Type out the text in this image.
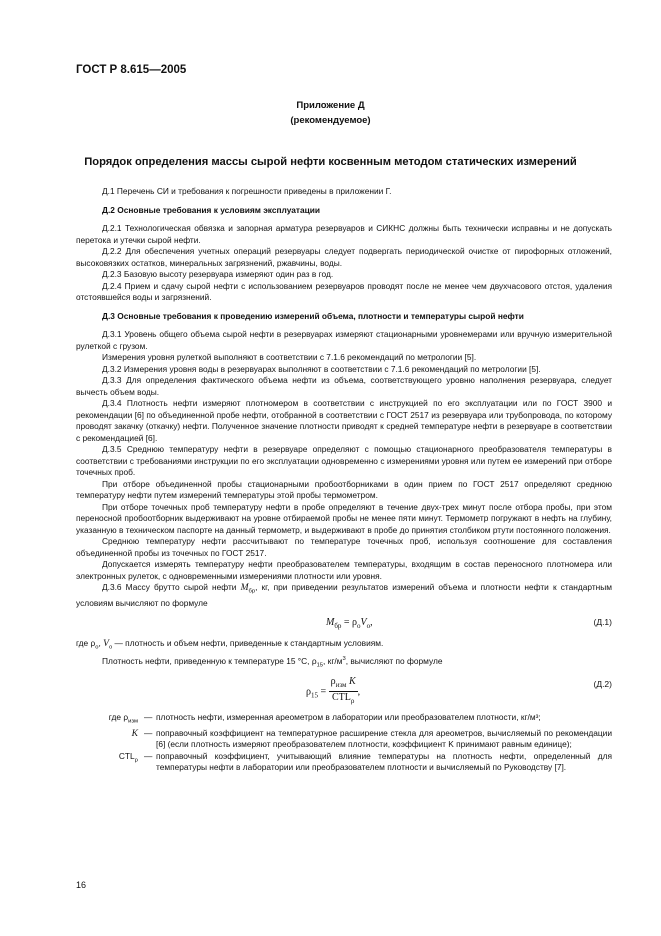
ГОСТ Р 8.615—2005
Приложение Д
(рекомендуемое)
Порядок определения массы сырой нефти косвенным методом статических измерений

Д.1 Перечень СИ и требования к погрешности приведены в приложении Г.

Д.2 Основные требования к условиям эксплуатации

Д.2.1 Технологическая обвязка и запорная арматура резервуаров и СИКНС должны быть технически исправны и не допускать перетока и утечки сырой нефти.

Д.2.2 Для обеспечения учетных операций резервуары следует подвергать периодической очистке от пирофорных отложений, высоковязких остатков, минеральных загрязнений, ржавчины, воды.

Д.2.3 Базовую высоту резервуара измеряют один раз в год.

Д.2.4 Прием и сдачу сырой нефти с использованием резервуаров проводят после не менее чем двухчасового отстоя, удаления отстоявшейся воды и загрязнений.

Д.3 Основные требования к проведению измерений объема, плотности и температуры сырой нефти

Д.3.1 Уровень общего объема сырой нефти в резервуарах измеряют стационарными уровнемерами или вручную измерительной рулеткой с грузом.

Измерения уровня рулеткой выполняют в соответствии с 7.1.6 рекомендаций по метрологии [5].

Д.3.2 Измерения уровня воды в резервуарах выполняют в соответствии с 7.1.6 рекомендаций по метрологии [5].

Д.3.3 Для определения фактического объема нефти из объема, соответствующего уровню наполнения резервуара, следует вычесть объем воды.

Д.3.4 Плотность нефти измеряют плотномером в соответствии с инструкцией по его эксплуатации или по ГОСТ 3900 и рекомендации [6] по объединенной пробе нефти, отобранной в соответствии с ГОСТ 2517 из резервуара или трубопровода, по которому проводят закачку (откачку) нефти. Полученное значение плотности приводят к средней температуре нефти в резервуаре в соответствии с рекомендацией [6].

Д.3.5 Среднюю температуру нефти в резервуаре определяют с помощью стационарного преобразователя температуры в соответствии с требованиями инструкции по его эксплуатации одновременно с измерениями уровня или путем ее измерений при отборе точечных проб.

При отборе объединенной пробы стационарными пробоотборниками в один прием по ГОСТ 2517 определяют среднюю температуру нефти путем измерений температуры этой пробы термометром.

При отборе точечных проб температуру нефти в пробе определяют в течение двух-трех минут после отбора пробы, при этом переносной пробоотборник выдерживают на уровне отбираемой пробы не менее пяти минут. Термометр погружают в нефть на глубину, указанную в техническом паспорте на данный термометр, и выдерживают в пробе до принятия столбиком ртути постоянного положения.

Среднюю температуру нефти рассчитывают по температуре точечных проб, используя соотношение для составления объединенной пробы из точечных по ГОСТ 2517.

Допускается измерять температуру нефти преобразователем температуры, входящим в состав переносного плотномера или электронных рулеток, с одновременными измерениями плотности или уровня.

Д.3.6 Массу брутто сырой нефти $M_{бр}$, кг, при приведении результатов измерений объема и плотности нефти к стандартным условиям вычисляют по формуле

$M_{бр} = \rho_оV_о$,	(Д.1)

где $\rho_о$, $V_о$ — плотность и объем нефти, приведенные к стандартным условиям.

Плотность нефти, приведенную к температуре 15 °С, $\rho_{15}$, $кг/м^3$, вычисляют по формуле

$\rho_{15} = \frac{\rho_{изм} K}{CTL_\rho}$ ,
(Д.2)
где $\rho_{изм}$ — плотность нефти, измеренная ареометром в лаборатории или преобразователем плотности, кг/м³;
K — поправочный коэффициент на температурное расширение стекла для ареометров, вычисляемый по рекомендации [6] (если плотность измеряют преобразователем плотности, коэффициент K принимают равным единице);
$CTL_\rho$ — поправочный коэффициент, учитывающий влияние температуры на плотность нефти, определенный для температуры нефти в лаборатории или преобразователем плотности и вычисляемый по Руководству [7].
16
